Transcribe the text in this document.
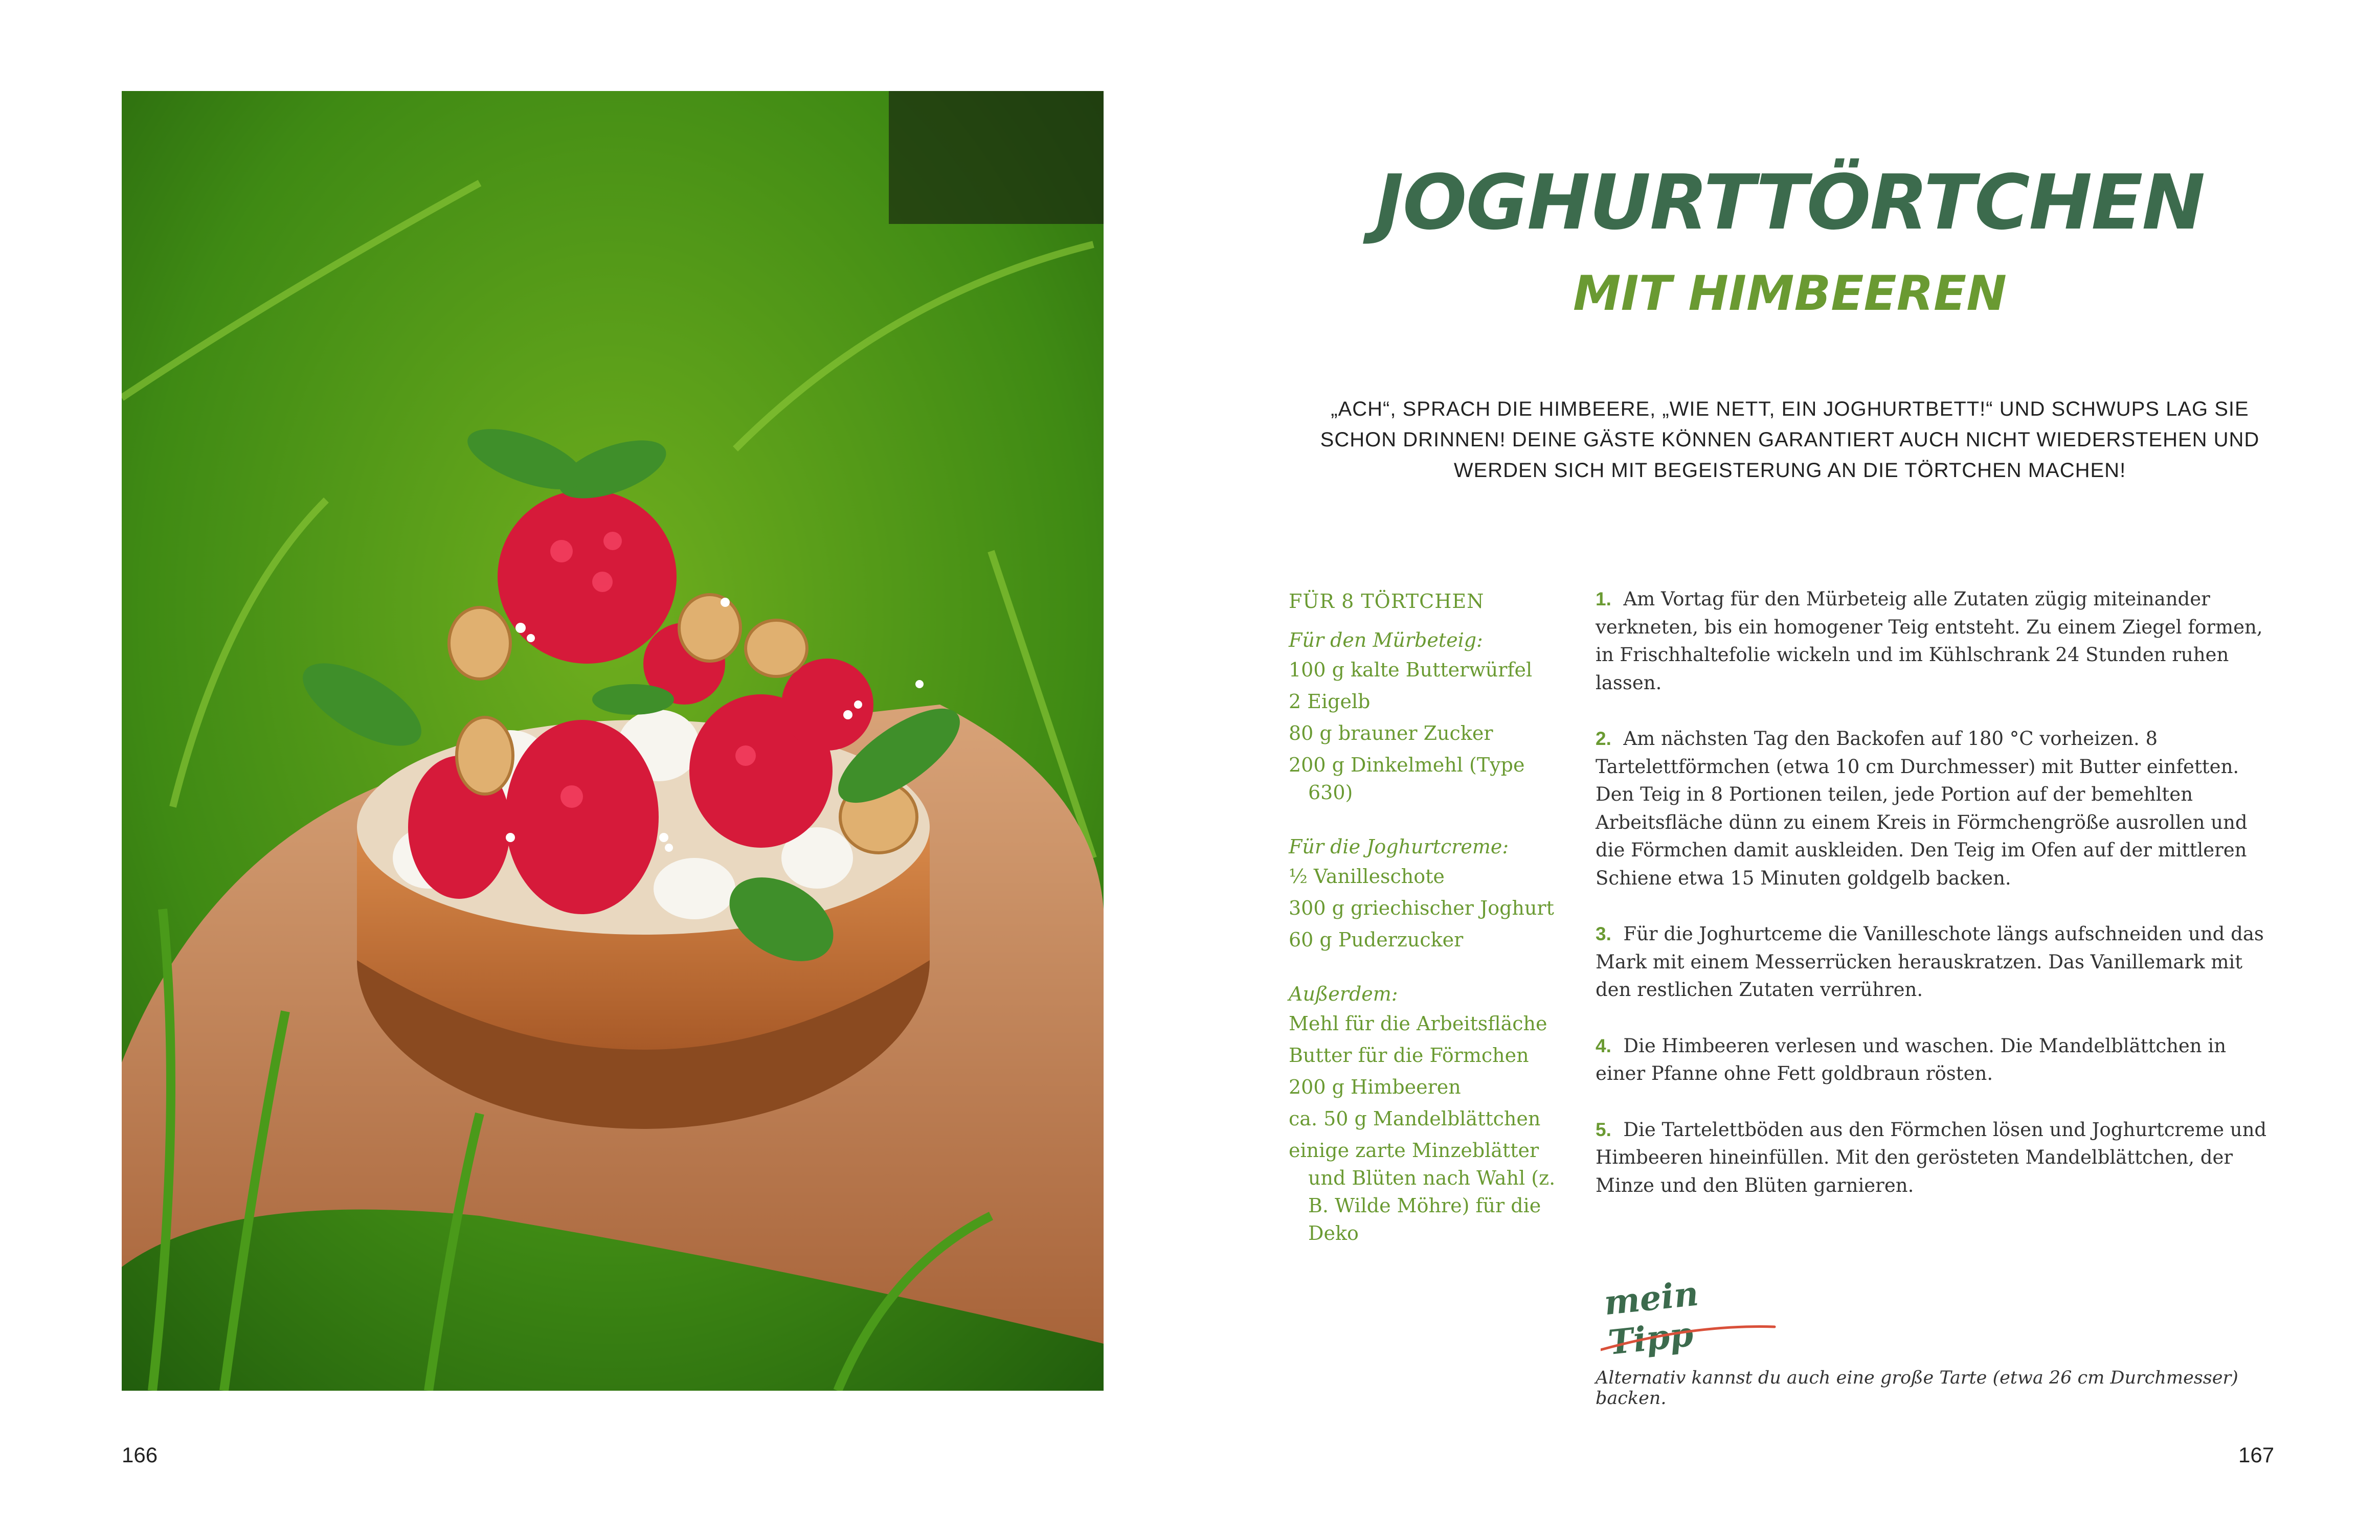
166	167
JOGHURTTÖRTCHEN
MIT HIMBEEREN
„ACH“, SPRACH DIE HIMBEERE, „WIE NETT, EIN JOGHURTBETT!“ UND SCHWUPS LAG SIE SCHON DRINNEN! DEINE GÄSTE KÖNNEN GARANTIERT AUCH NICHT WIEDERSTEHEN UND WERDEN SICH MIT BEGEISTERUNG AN DIE TÖRTCHEN MACHEN!
FÜR 8 TÖRTCHEN
Für den Mürbeteig:
100 g kalte Butterwürfel
2 Eigelb
80 g brauner Zucker
200 g Dinkelmehl (Type 630)
Für die Joghurtcreme:
½ Vanilleschote
300 g griechischer Joghurt
60 g Puderzucker
Außerdem:
Mehl für die Arbeitsfläche
Butter für die Förmchen
200 g Himbeeren
ca. 50 g Mandelblättchen
einige zarte Minzeblätter und Blüten nach Wahl (z. B. Wilde Möhre) für die Deko
1. Am Vortag für den Mürbeteig alle Zutaten zügig miteinander verkneten, bis ein homogener Teig entsteht. Zu einem Ziegel formen, in Frischhaltefolie wickeln und im Kühlschrank 24 Stunden ruhen lassen.
2. Am nächsten Tag den Backofen auf 180 °C vorheizen. 8 Tartelettförmchen (etwa 10 cm Durchmesser) mit Butter einfetten. Den Teig in 8 Portionen teilen, jede Portion auf der bemehlten Arbeitsfläche dünn zu einem Kreis in Förmchengröße ausrollen und die Förmchen damit auskleiden. Den Teig im Ofen auf der mittleren Schiene etwa 15 Minuten goldgelb backen.
3. Für die Joghurtceme die Vanilleschote längs aufschneiden und das Mark mit einem Messerrücken herauskratzen. Das Vanillemark mit den restlichen Zutaten verrühren.
4. Die Himbeeren verlesen und waschen. Die Mandelblättchen in einer Pfanne ohne Fett goldbraun rösten.
5. Die Tartelettböden aus den Förmchen lösen und Joghurtcreme und Himbeeren hineinfüllen. Mit den gerösteten Mandelblättchen, der Minze und den Blüten garnieren.
mein Tipp
Alternativ kannst du auch eine große Tarte (etwa 26 cm Durchmesser) backen.
